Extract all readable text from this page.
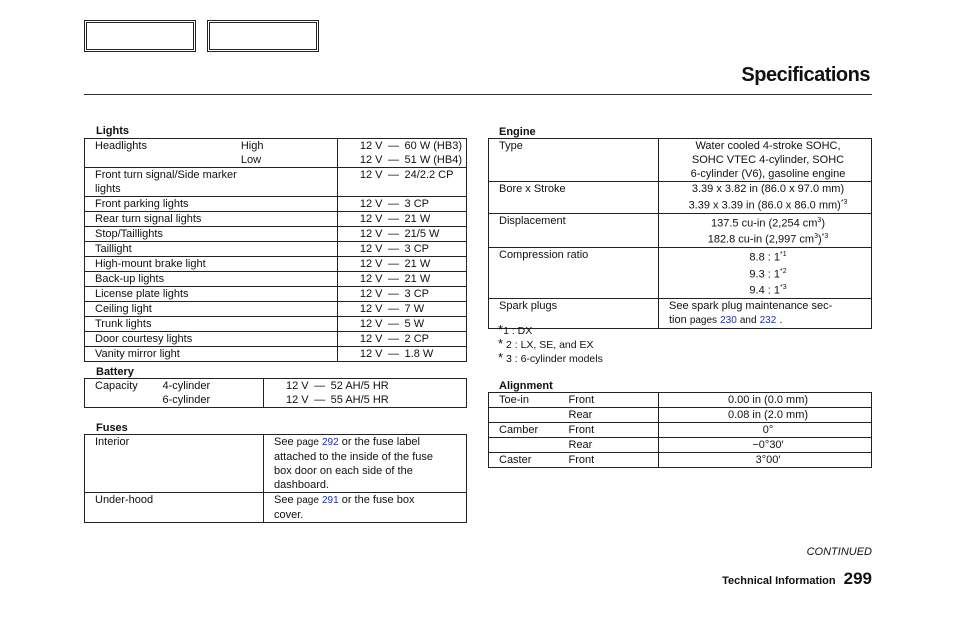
Specifications
Lights
Headlights	High	12 V — 60 W (HB3)
	Low	12 V — 51 W (HB4)
Front turn signal/Side marker		12 V — 24/2.2 CP
lights		
Front parking lights		12 V — 3 CP
Rear turn signal lights		12 V — 21 W
Stop/Taillights		12 V — 21/5 W
Taillight		12 V — 3 CP
High-mount brake light		12 V — 21 W
Back-up lights		12 V — 21 W
License plate lights		12 V — 3 CP
Ceiling light		12 V — 7 W
Trunk lights		12 V — 5 W
Door courtesy lights		12 V — 2 CP
Vanity mirror light		12 V — 1.8 W
Battery
Capacity	4-cylinder	12 V — 52 AH/5 HR
	6-cylinder	12 V — 55 AH/5 HR
Fuses
Interior	See page 292 or the fuse label
attached to the inside of the fuse
box door on each side of the
dashboard.
Under-hood	See page 291 or the fuse box
cover.
Engine
Type	Water cooled 4-stroke SOHC,
SOHC VTEC 4-cylinder, SOHC
6-cylinder (V6), gasoline engine

Bore x Stroke	3.39 x 3.82 in (86.0 x 97.0 mm)
3.39 x 3.39 in (86.0 x 86.0 mm)$^{*3}$

Displacement	137.5 cu-in (2,254 $cm^3$)
182.8 cu-in (2,997 $cm^3)^{*3}$

Compression ratio	8.8 : 1$^{*1}$
9.3 : 1$^{*2}$
9.4 : 1$^{*3}$

Spark plugs	See spark plug maintenance sec-
tion pages 230 and 232 .
*1 : DX
* 2 : LX, SE, and EX
* 3 : 6-cylinder models
Alignment
Toe-in	Front	0.00 in (0.0 mm)
	Rear	0.08 in (2.0 mm)
Camber	Front	0°
	Rear	−0°30′
Caster	Front	3°00′
CONTINUED
Technical Information 299
